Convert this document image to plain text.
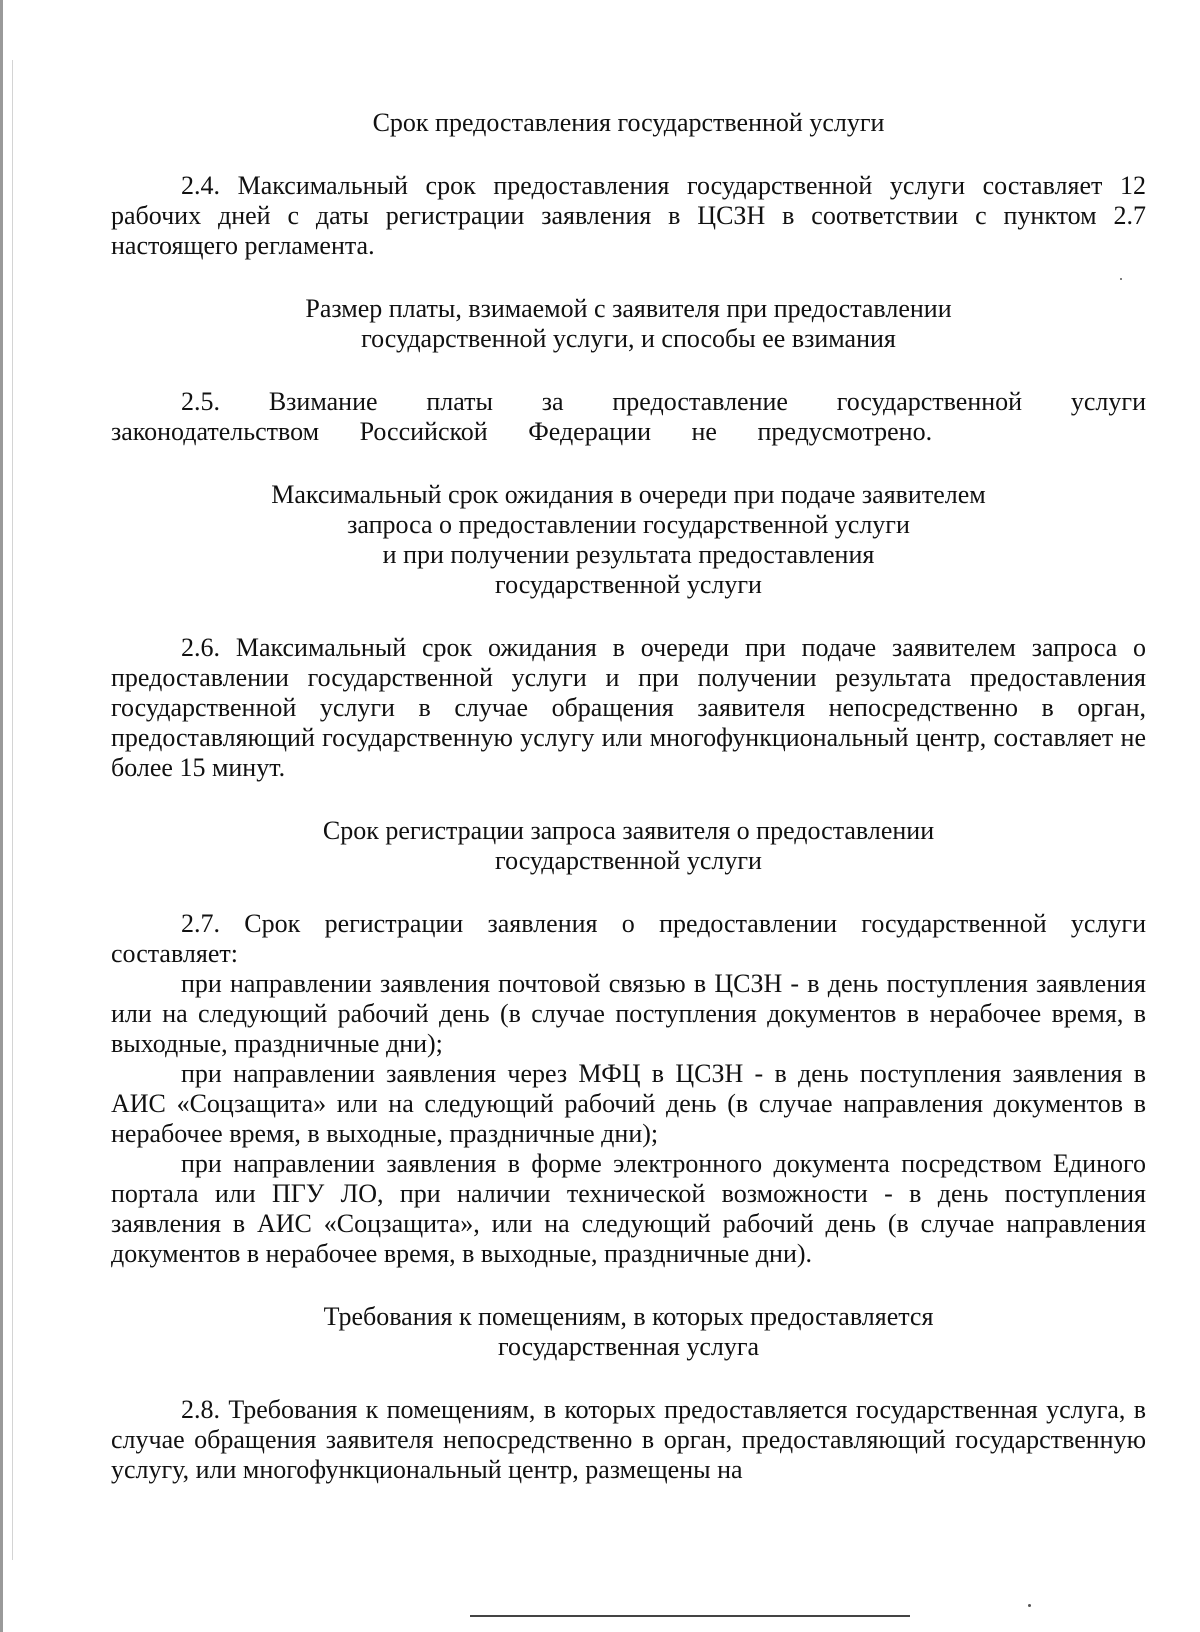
Срок предоставления государственной услуги

2.4. Максимальный срок предоставления государственной услуги составляет 12 рабочих дней с даты регистрации заявления в ЦСЗН в соответствии с пунктом 2.7 настоящего регламента.

Размер платы, взимаемой с заявителя при предоставлении
государственной услуги, и способы ее взимания

2.5. Взимание платы за предоставление государственной услуги законодательством Российской Федерации не предусмотрено.

Максимальный срок ожидания в очереди при подаче заявителем
запроса о предоставлении государственной услуги
и при получении результата предоставления
государственной услуги

2.6. Максимальный срок ожидания в очереди при подаче заявителем запроса о предоставлении государственной услуги и при получении результата предоставления государственной услуги в случае обращения заявителя непосредственно в орган, предоставляющий государственную услугу или многофункциональный центр, составляет не более 15 минут.

Срок регистрации запроса заявителя о предоставлении
государственной услуги

2.7. Срок регистрации заявления о предоставлении государственной услуги составляет:

при направлении заявления почтовой связью в ЦСЗН - в день поступления заявления или на следующий рабочий день (в случае поступления документов в нерабочее время, в выходные, праздничные дни);

при направлении заявления через МФЦ в ЦСЗН - в день поступления заявления в АИС «Соцзащита» или на следующий рабочий день (в случае направления документов в нерабочее время, в выходные, праздничные дни);

при направлении заявления в форме электронного документа посредством Единого портала или ПГУ ЛО, при наличии технической возможности - в день поступления заявления в АИС «Соцзащита», или на следующий рабочий день (в случае направления документов в нерабочее время, в выходные, праздничные дни).

Требования к помещениям, в которых предоставляется
государственная услуга

2.8. Требования к помещениям, в которых предоставляется государственная услуга, в случае обращения заявителя непосредственно в орган, предоставляющий государственную услугу, или многофункциональный центр, размещены на
